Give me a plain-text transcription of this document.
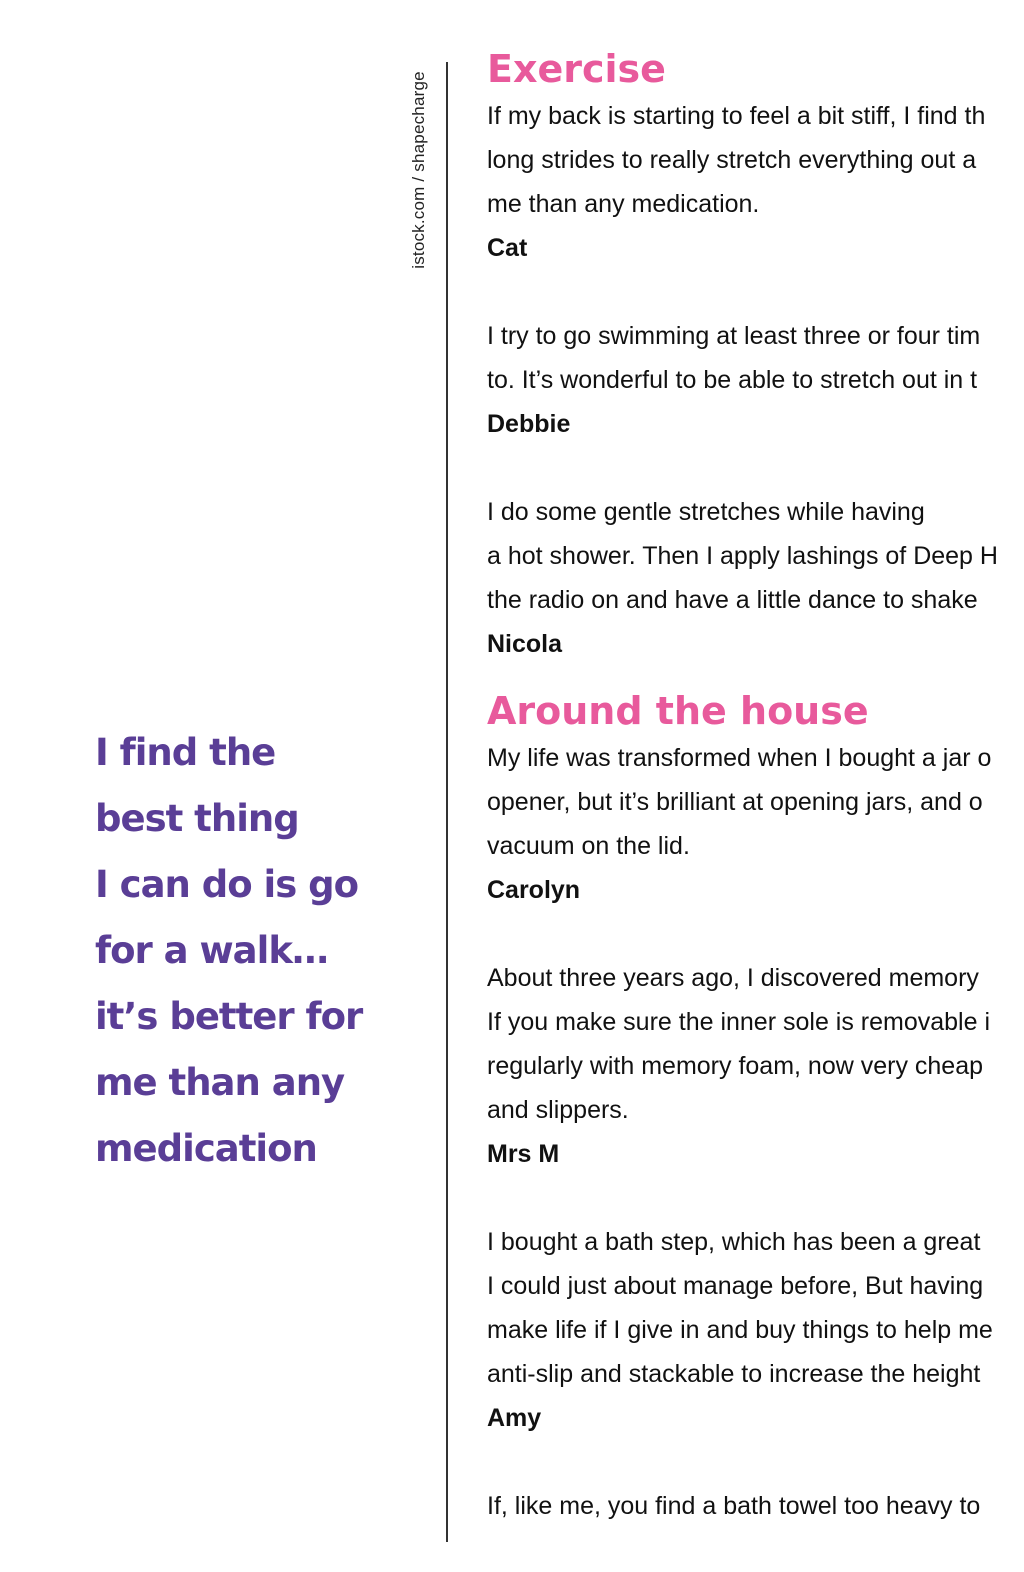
istock.com / shapecharge
I find the
best thing
I can do is go
for a walk…
it’s better for
me than any
medication
Exercise
If my back is starting to feel a bit stiff, I find th
long strides to really stretch everything out a
me than any medication.
Cat
I try to go swimming at least three or four tim
to. It’s wonderful to be able to stretch out in t
Debbie
I do some gentle stretches while having
a hot shower. Then I apply lashings of Deep H
the radio on and have a little dance to shake
Nicola
Around the house
My life was transformed when I bought a jar o
opener, but it’s brilliant at opening jars, and o
vacuum on the lid.
Carolyn
About three years ago, I discovered memory
If you make sure the inner sole is removable i
regularly with memory foam, now very cheap
and slippers.
Mrs M
I bought a bath step, which has been a great
I could just about manage before, But having
make life if I give in and buy things to help me
anti-slip and stackable to increase the height
Amy
If, like me, you find a bath towel too heavy to
